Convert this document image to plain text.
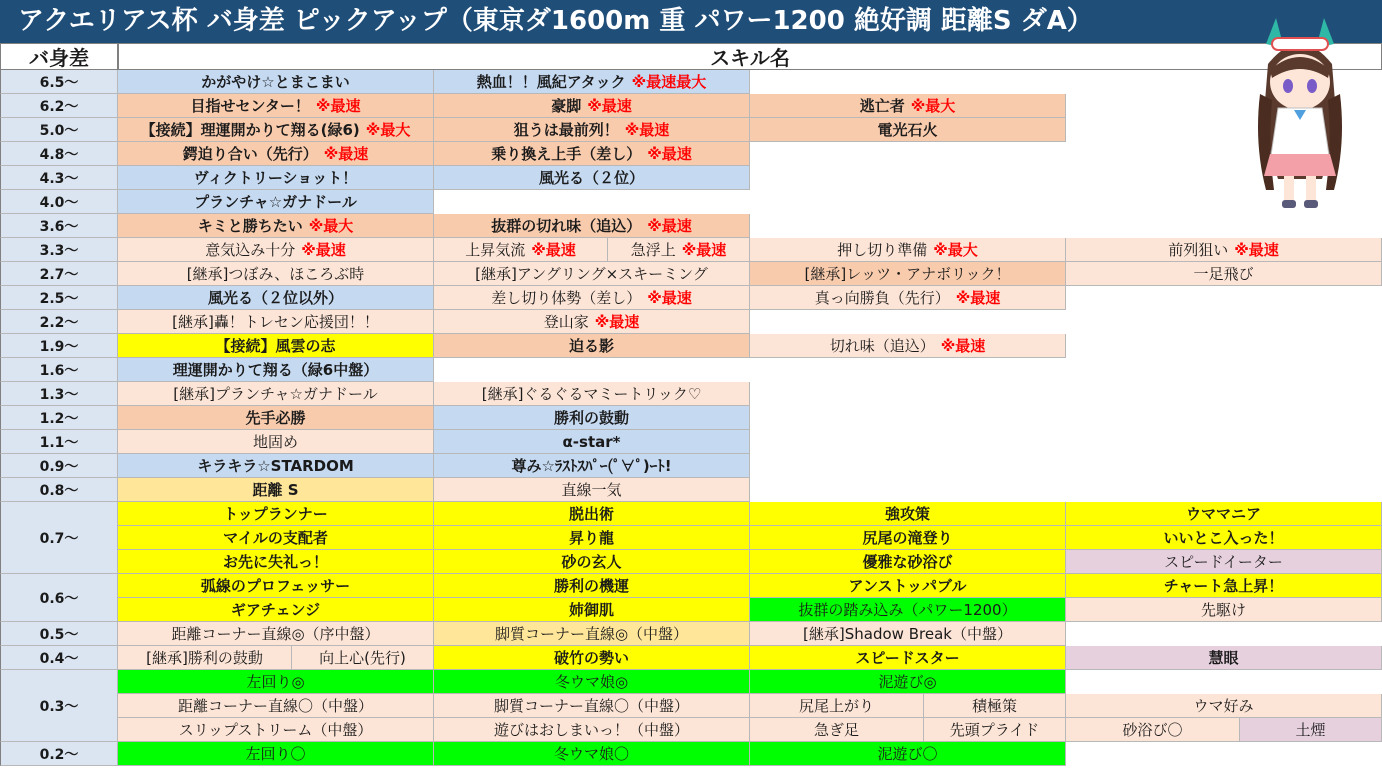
アクエリアス杯 バ身差 ピックアップ（東京ダ1600m 重 パワー1200 絶好調 距離S ダA）
バ身差	スキル名
6.5～	かがやけ☆とまこまい	熱血！！風紀アタック ※最速最大
6.2～	目指せセンター！ ※最速	豪脚 ※最速	逃亡者 ※最大
5.0～	【接続】理運開かりて翔る(緑6) ※最大	狙うは最前列！ ※最速	電光石火
4.8～	鍔迫り合い（先行） ※最速	乗り換え上手（差し） ※最速
4.3～	ヴィクトリーショット！	風光る（２位）
4.0～	プランチャ☆ガナドール
3.6～	キミと勝ちたい ※最大	抜群の切れ味（追込） ※最速
3.3～	意気込み十分 ※最速	上昇気流 ※最速	急浮上 ※最速	押し切り準備 ※最大	前列狙い ※最速
2.7～	[継承]つぼみ、ほころぶ時	[継承]アングリング×スキーミング	[継承]レッツ・アナボリック！	一足飛び
2.5～	風光る（２位以外）	差し切り体勢（差し） ※最速	真っ向勝負（先行） ※最速
2.2～	[継承]轟！トレセン応援団！！	登山家 ※最速
1.9～	【接続】風雲の志	迫る影	切れ味（追込） ※最速
1.6～	理運開かりて翔る（緑6中盤）
1.3～	[継承]プランチャ☆ガナドール	[継承]ぐるぐるマミートリック♡
1.2～	先手必勝	勝利の鼓動
1.1～	地固め	α-star*
0.9～	キラキラ☆STARDOM	尊み☆ﾗｽﾄｽﾊﾟｰ(ﾟ∀ﾟ)ｰﾄ!
0.8～	距離 S	直線一気
0.7～
トップランナー	脱出術	強攻策	ウママニア
マイルの支配者	昇り龍	尻尾の滝登り	いいとこ入った！
お先に失礼っ！	砂の玄人	優雅な砂浴び	スピードイーター
0.6～
弧線のプロフェッサー	勝利の機運	アンストッパブル	チャート急上昇！
ギアチェンジ	姉御肌	抜群の踏み込み（パワー1200）	先駆け
0.5～	距離コーナー直線◎（序中盤）	脚質コーナー直線◎（中盤）	[継承]Shadow Break（中盤）
0.4～	[継承]勝利の鼓動	向上心(先行)	破竹の勢い	スピードスター	慧眼
0.3～
左回り◎	冬ウマ娘◎	泥遊び◎
距離コーナー直線〇（中盤）	脚質コーナー直線〇（中盤）	尻尾上がり	積極策	ウマ好み
スリップストリーム（中盤）	遊びはおしまいっ！（中盤）	急ぎ足	先頭プライド	砂浴び〇	土煙
0.2～	左回り〇	冬ウマ娘〇	泥遊び〇
